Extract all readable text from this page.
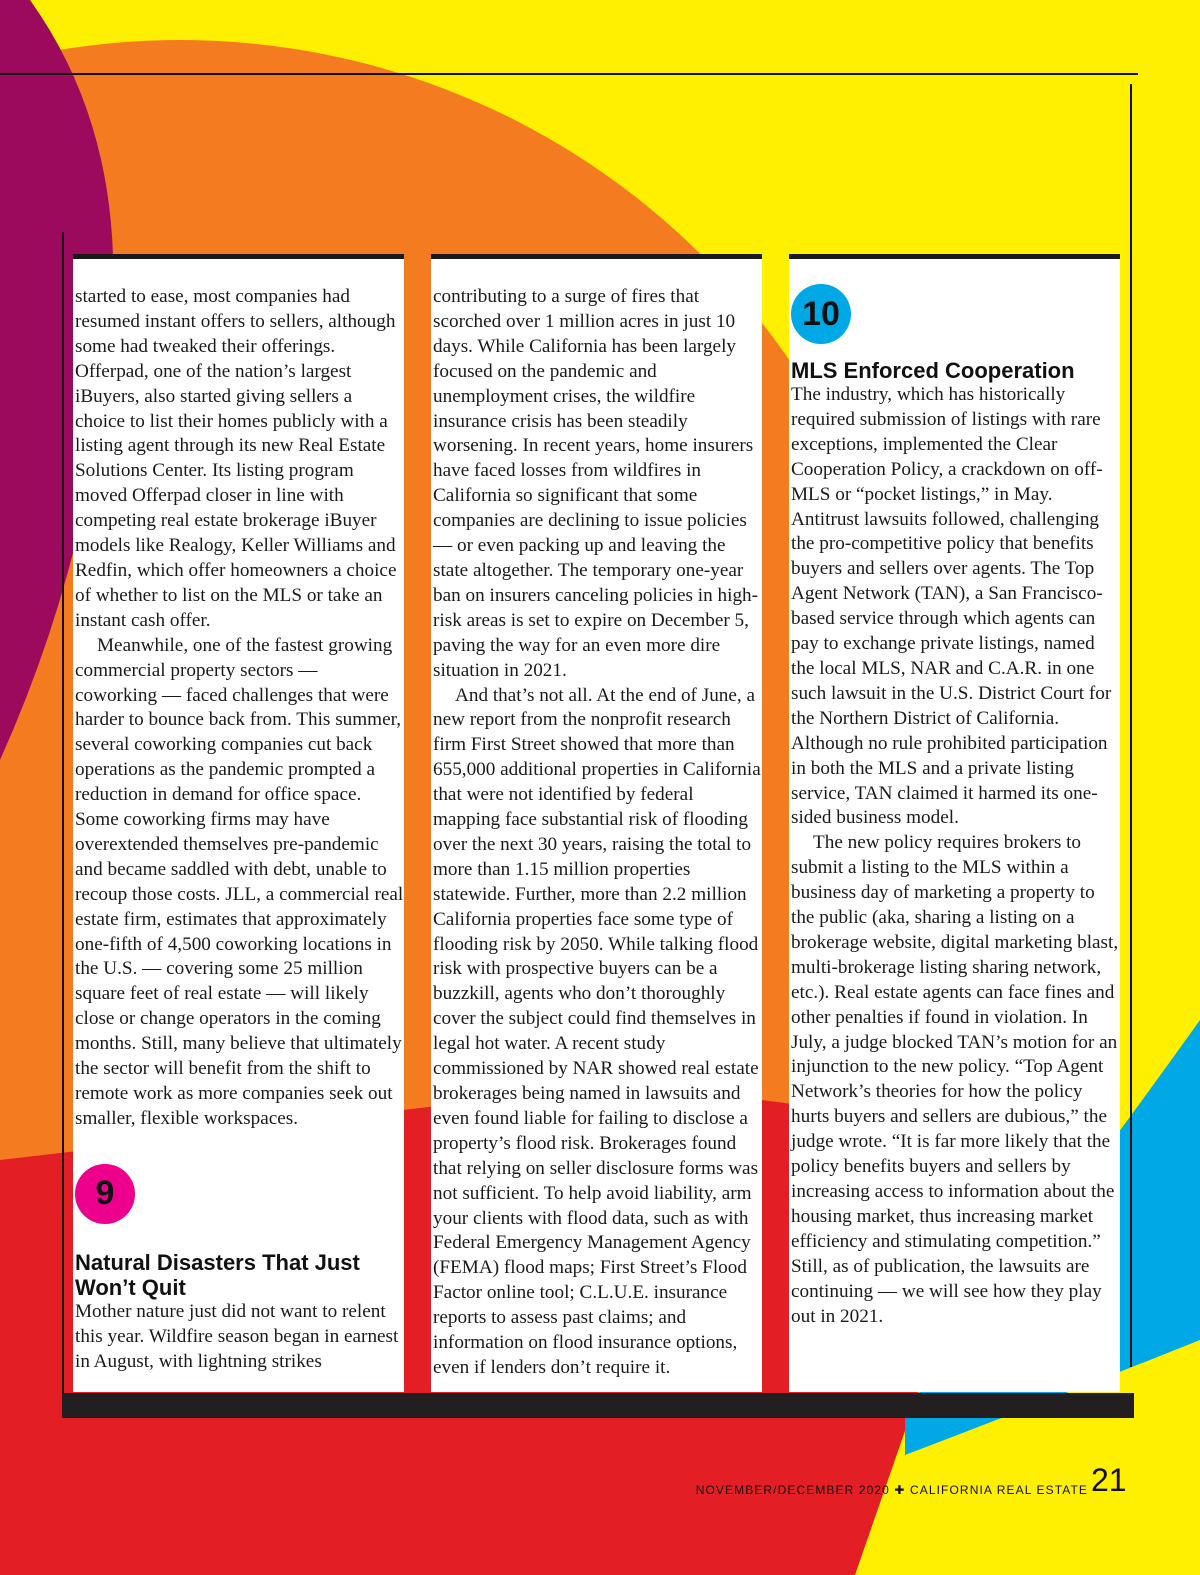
started to ease, most companies had resumed instant offers to sellers, although some had tweaked their offerings. Offerpad, one of the nation’s largest iBuyers, also started giving sellers a choice to list their homes publicly with a listing agent through its new Real Estate Solutions Center. Its listing program moved Offerpad closer in line with competing real estate brokerage iBuyer models like Realogy, Keller Williams and Redfin, which offer homeowners a choice of whether to list on the MLS or take an instant cash offer.

Meanwhile, one of the fastest growing commercial property sectors — coworking — faced challenges that were harder to bounce back from. This summer, several coworking companies cut back operations as the pandemic prompted a reduction in demand for office space. Some coworking firms may have overextended themselves pre-pandemic and became saddled with debt, unable to recoup those costs. JLL, a commercial real estate firm, estimates that approximately one-fifth of 4,500 coworking locations in the U.S. — covering some 25 million square feet of real estate — will likely close or change operators in the coming months. Still, many believe that ultimately the sector will benefit from the shift to remote work as more companies seek out smaller, flexible workspaces.

9
Natural Disasters That Just Won’t Quit

Mother nature just did not want to relent this year. Wildfire season began in earnest in August, with lightning strikes

contributing to a surge of fires that scorched over 1 million acres in just 10 days. While California has been largely focused on the pandemic and unemployment crises, the wildfire insurance crisis has been steadily worsening. In recent years, home insurers have faced losses from wildfires in California so significant that some companies are declining to issue policies — or even packing up and leaving the state altogether. The temporary one-year ban on insurers canceling policies in high-risk areas is set to expire on December 5, paving the way for an even more dire situation in 2021.

And that’s not all. At the end of June, a new report from the nonprofit research firm First Street showed that more than 655,000 additional properties in California that were not identified by federal mapping face substantial risk of flooding over the next 30 years, raising the total to more than 1.15 million properties statewide. Further, more than 2.2 million California properties face some type of flooding risk by 2050. While talking flood risk with prospective buyers can be a buzzkill, agents who don’t thoroughly cover the subject could find themselves in legal hot water. A recent study commissioned by NAR showed real estate brokerages being named in lawsuits and even found liable for failing to disclose a property’s flood risk. Brokerages found that relying on seller disclosure forms was not sufficient. To help avoid liability, arm your clients with flood data, such as with Federal Emergency Management Agency (FEMA) flood maps; First Street’s Flood Factor online tool; C.L.U.E. insurance reports to assess past claims; and information on flood insurance options, even if lenders don’t require it.

10
MLS Enforced Cooperation

The industry, which has historically required submission of listings with rare exceptions, implemented the Clear Cooperation Policy, a crackdown on off-MLS or “pocket listings,” in May. Antitrust lawsuits followed, challenging the pro-competitive policy that benefits buyers and sellers over agents. The Top Agent Network (TAN), a San Francisco-based service through which agents can pay to exchange private listings, named the local MLS, NAR and C.A.R. in one such lawsuit in the U.S. District Court for the Northern District of California. Although no rule prohibited participation in both the MLS and a private listing service, TAN claimed it harmed its one-sided business model.

The new policy requires brokers to submit a listing to the MLS within a business day of marketing a property to the public (aka, sharing a listing on a brokerage website, digital marketing blast, multi-brokerage listing sharing network, etc.). Real estate agents can face fines and other penalties if found in violation. In July, a judge blocked TAN’s motion for an injunction to the new policy. “Top Agent Network’s theories for how the policy hurts buyers and sellers are dubious,” the judge wrote. “It is far more likely that the policy benefits buyers and sellers by increasing access to information about the housing market, thus increasing market efficiency and stimulating competition.” Still, as of publication, the lawsuits are continuing — we will see how they play out in 2021.

NOVEMBER/DECEMBER 2020 ✚ CALIFORNIA REAL ESTATE 21
